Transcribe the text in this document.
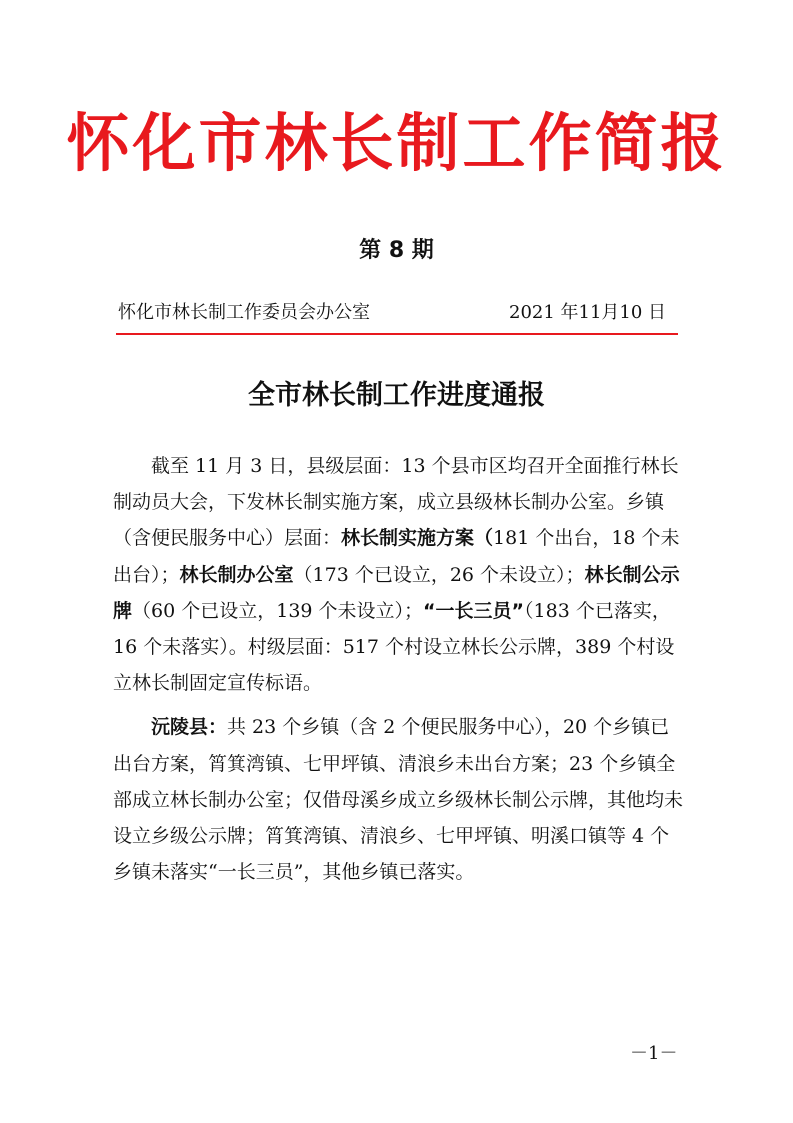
怀化市林长制工作简报
第 8 期
怀化市林长制工作委员会办公室	2021 年11月10 日
全市林长制工作进度通报

截至 11 月 3 日，县级层面：13 个县市区均召开全面推行林长制动员大会，下发林长制实施方案，成立县级林长制办公室。乡镇（含便民服务中心）层面：林长制实施方案（181 个出台，18 个未出台）；林长制办公室（173 个已设立，26 个未设立）；林长制公示牌（60 个已设立，139 个未设立）；“一长三员”（183 个已落实，16 个未落实）。村级层面：517 个村设立林长公示牌，389 个村设立林长制固定宣传标语。

沅陵县：共 23 个乡镇（含 2 个便民服务中心），20 个乡镇已出台方案，筲箕湾镇、七甲坪镇、清浪乡未出台方案；23 个乡镇全部成立林长制办公室；仅借母溪乡成立乡级林长制公示牌，其他均未设立乡级公示牌；筲箕湾镇、清浪乡、七甲坪镇、明溪口镇等 4 个乡镇未落实“一长三员”，其他乡镇已落实。

－1－
